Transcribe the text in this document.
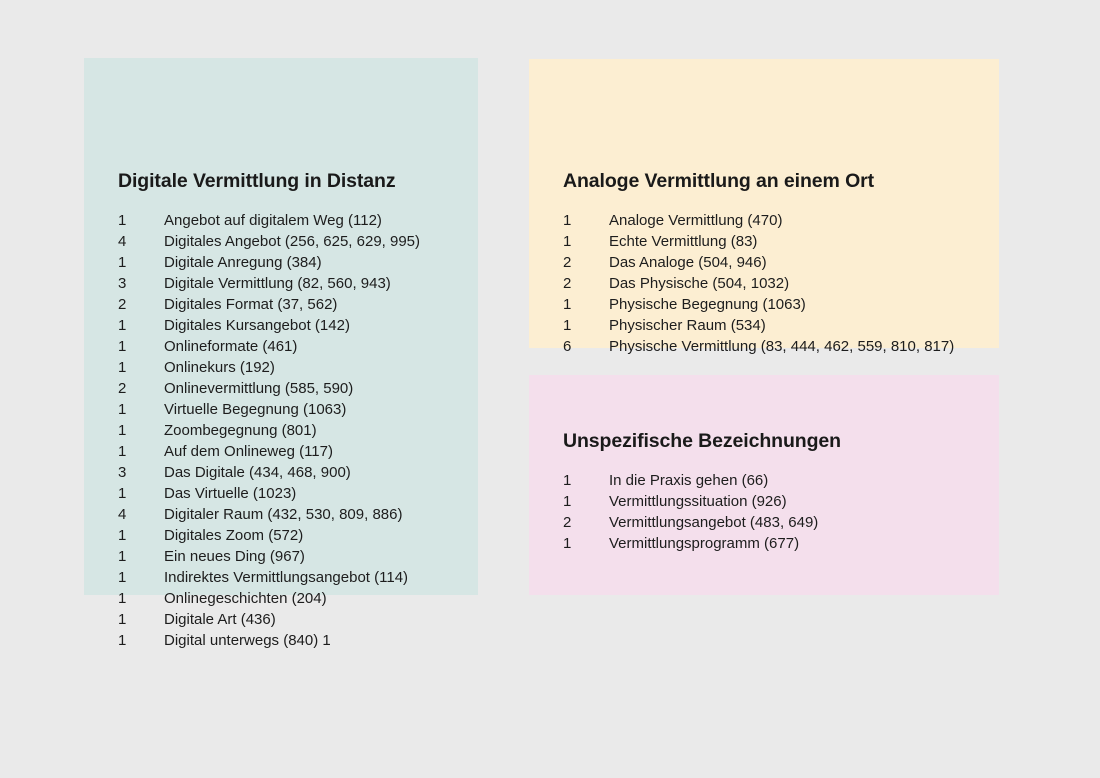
Digitale Vermittlung in Distanz
1	Angebot auf digitalem Weg (112)
4	Digitales Angebot (256, 625, 629, 995)
1	Digitale Anregung (384)
3	Digitale Vermittlung (82, 560, 943)
2	Digitales Format (37, 562)
1	Digitales Kursangebot (142)
1	Onlineformate (461)
1	Onlinekurs (192)
2	Onlinevermittlung (585, 590)
1	Virtuelle Begegnung (1063)
1	Zoombegegnung (801)
1	Auf dem Onlineweg (117)
3	Das Digitale (434, 468, 900)
1	Das Virtuelle (1023)
4	Digitaler Raum (432, 530, 809, 886)
1	Digitales Zoom (572)
1	Ein neues Ding (967)
1	Indirektes Vermittlungsangebot (114)
1	Onlinegeschichten (204)
1	Digitale Art (436)
1	Digital unterwegs (840) 1
Analoge Vermittlung an einem Ort
1	Analoge Vermittlung (470)
1	Echte Vermittlung (83)
2	Das Analoge (504, 946)
2	Das Physische (504, 1032)
1	Physische Begegnung (1063)
1	Physischer Raum (534)
6	Physische Vermittlung (83, 444, 462, 559, 810, 817)
Unspezifische Bezeichnungen
1	In die Praxis gehen (66)
1	Vermittlungssituation (926)
2	Vermittlungsangebot (483, 649)
1	Vermittlungsprogramm (677)
